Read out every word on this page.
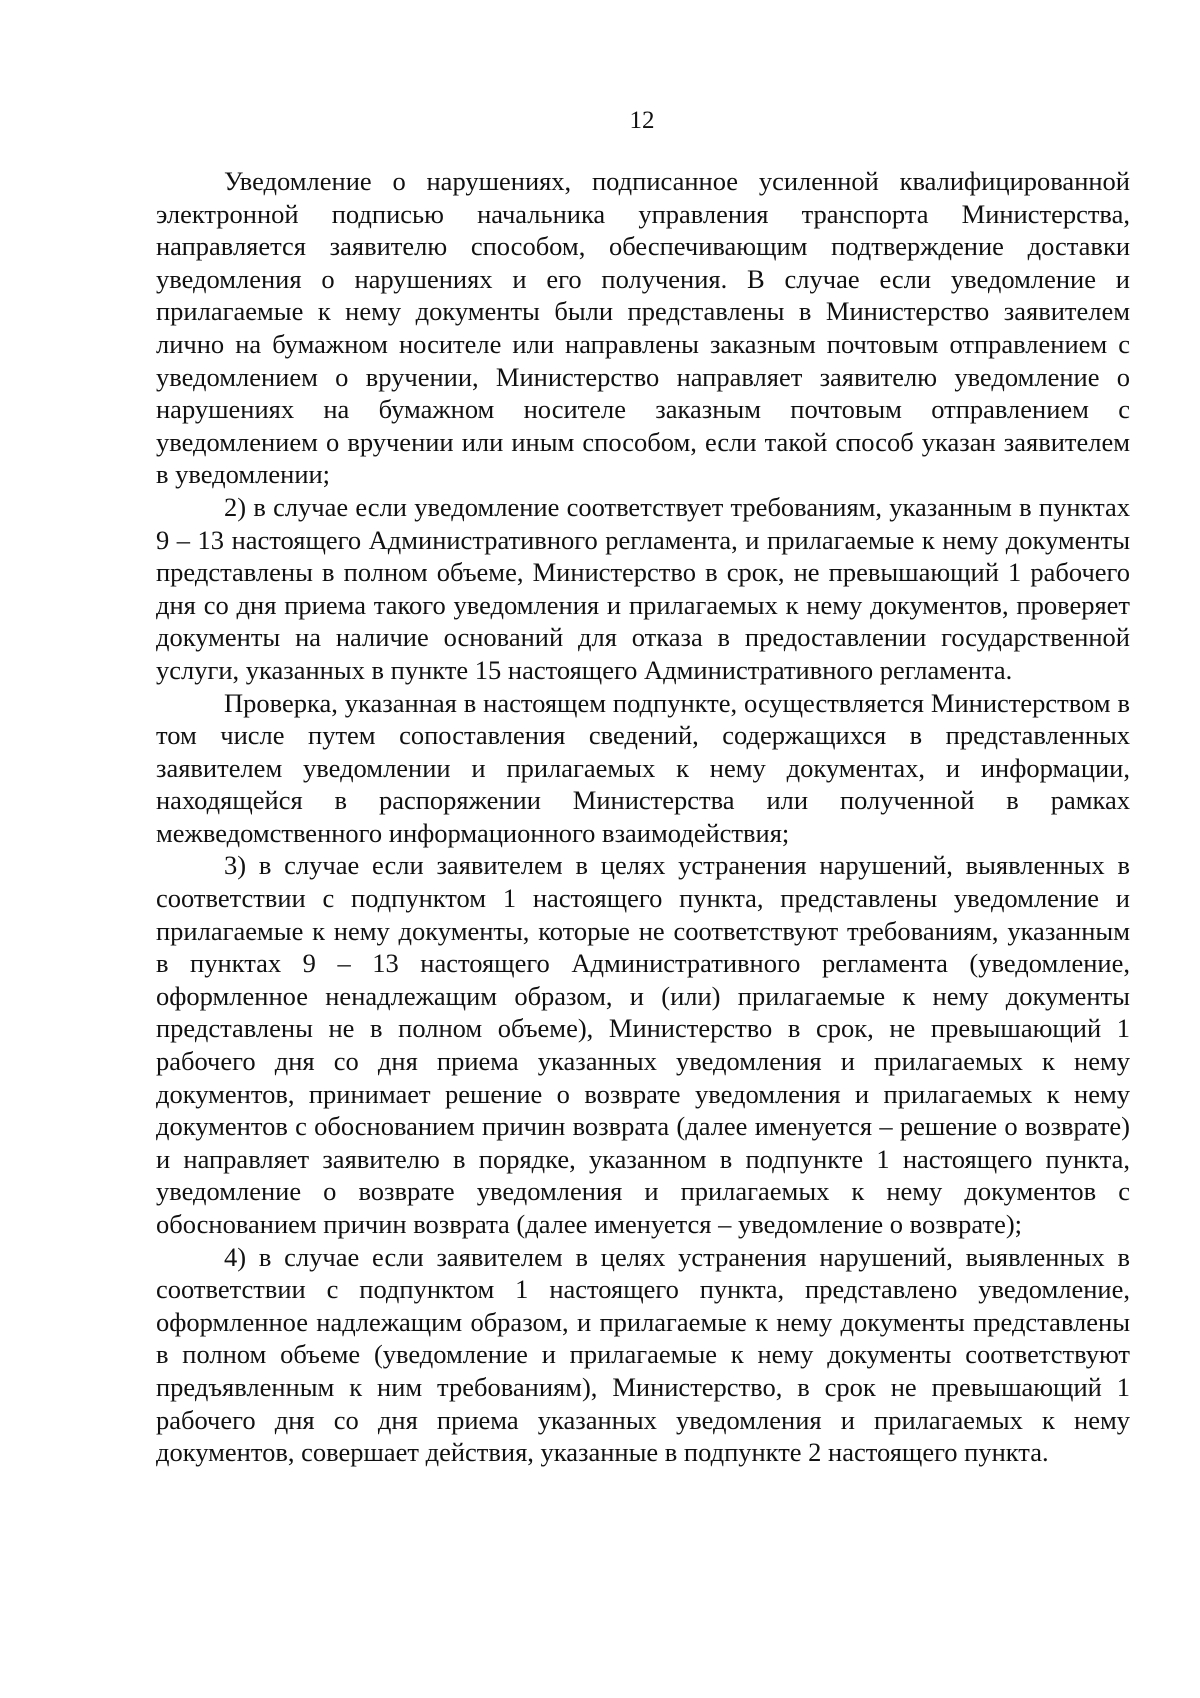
12

Уведомление о нарушениях, подписанное усиленной квалифицированной электронной подписью начальника управления транспорта Министерства, направляется заявителю способом, обеспечивающим подтверждение доставки уведомления о нарушениях и его получения. В случае если уведомление и прилагаемые к нему документы были представлены в Министерство заявителем лично на бумажном носителе или направлены заказным почтовым отправлением с уведомлением о вручении, Министерство направляет заявителю уведомление о нарушениях на бумажном носителе заказным почтовым отправлением с уведомлением о вручении или иным способом, если такой способ указан заявителем в уведомлении;

2) в случае если уведомление соответствует требованиям, указанным в пунктах 9 – 13 настоящего Административного регламента, и прилагаемые к нему документы представлены в полном объеме, Министерство в срок, не превышающий 1 рабочего дня со дня приема такого уведомления и прилагаемых к нему документов, проверяет документы на наличие оснований для отказа в предоставлении государственной услуги, указанных в пункте 15 настоящего Административного регламента.

Проверка, указанная в настоящем подпункте, осуществляется Министерством в том числе путем сопоставления сведений, содержащихся в представленных заявителем уведомлении и прилагаемых к нему документах, и информации, находящейся в распоряжении Министерства или полученной в рамках межведомственного информационного взаимодействия;

3) в случае если заявителем в целях устранения нарушений, выявленных в соответствии с подпунктом 1 настоящего пункта, представлены уведомление и прилагаемые к нему документы, которые не соответствуют требованиям, указанным в пунктах 9 – 13 настоящего Административного регламента (уведомление, оформленное ненадлежащим образом, и (или) прилагаемые к нему документы представлены не в полном объеме), Министерство в срок, не превышающий 1 рабочего дня со дня приема указанных уведомления и прилагаемых к нему документов, принимает решение о возврате уведомления и прилагаемых к нему документов с обоснованием причин возврата (далее именуется – решение о возврате) и направляет заявителю в порядке, указанном в подпункте 1 настоящего пункта, уведомление о возврате уведомления и прилагаемых к нему документов с обоснованием причин возврата (далее именуется – уведомление о возврате);

4) в случае если заявителем в целях устранения нарушений, выявленных в соответствии с подпунктом 1 настоящего пункта, представлено уведомление, оформленное надлежащим образом, и прилагаемые к нему документы представлены в полном объеме (уведомление и прилагаемые к нему документы соответствуют предъявленным к ним требованиям), Министерство, в срок не превышающий 1 рабочего дня со дня приема указанных уведомления и прилагаемых к нему документов, совершает действия, указанные в подпункте 2 настоящего пункта.
